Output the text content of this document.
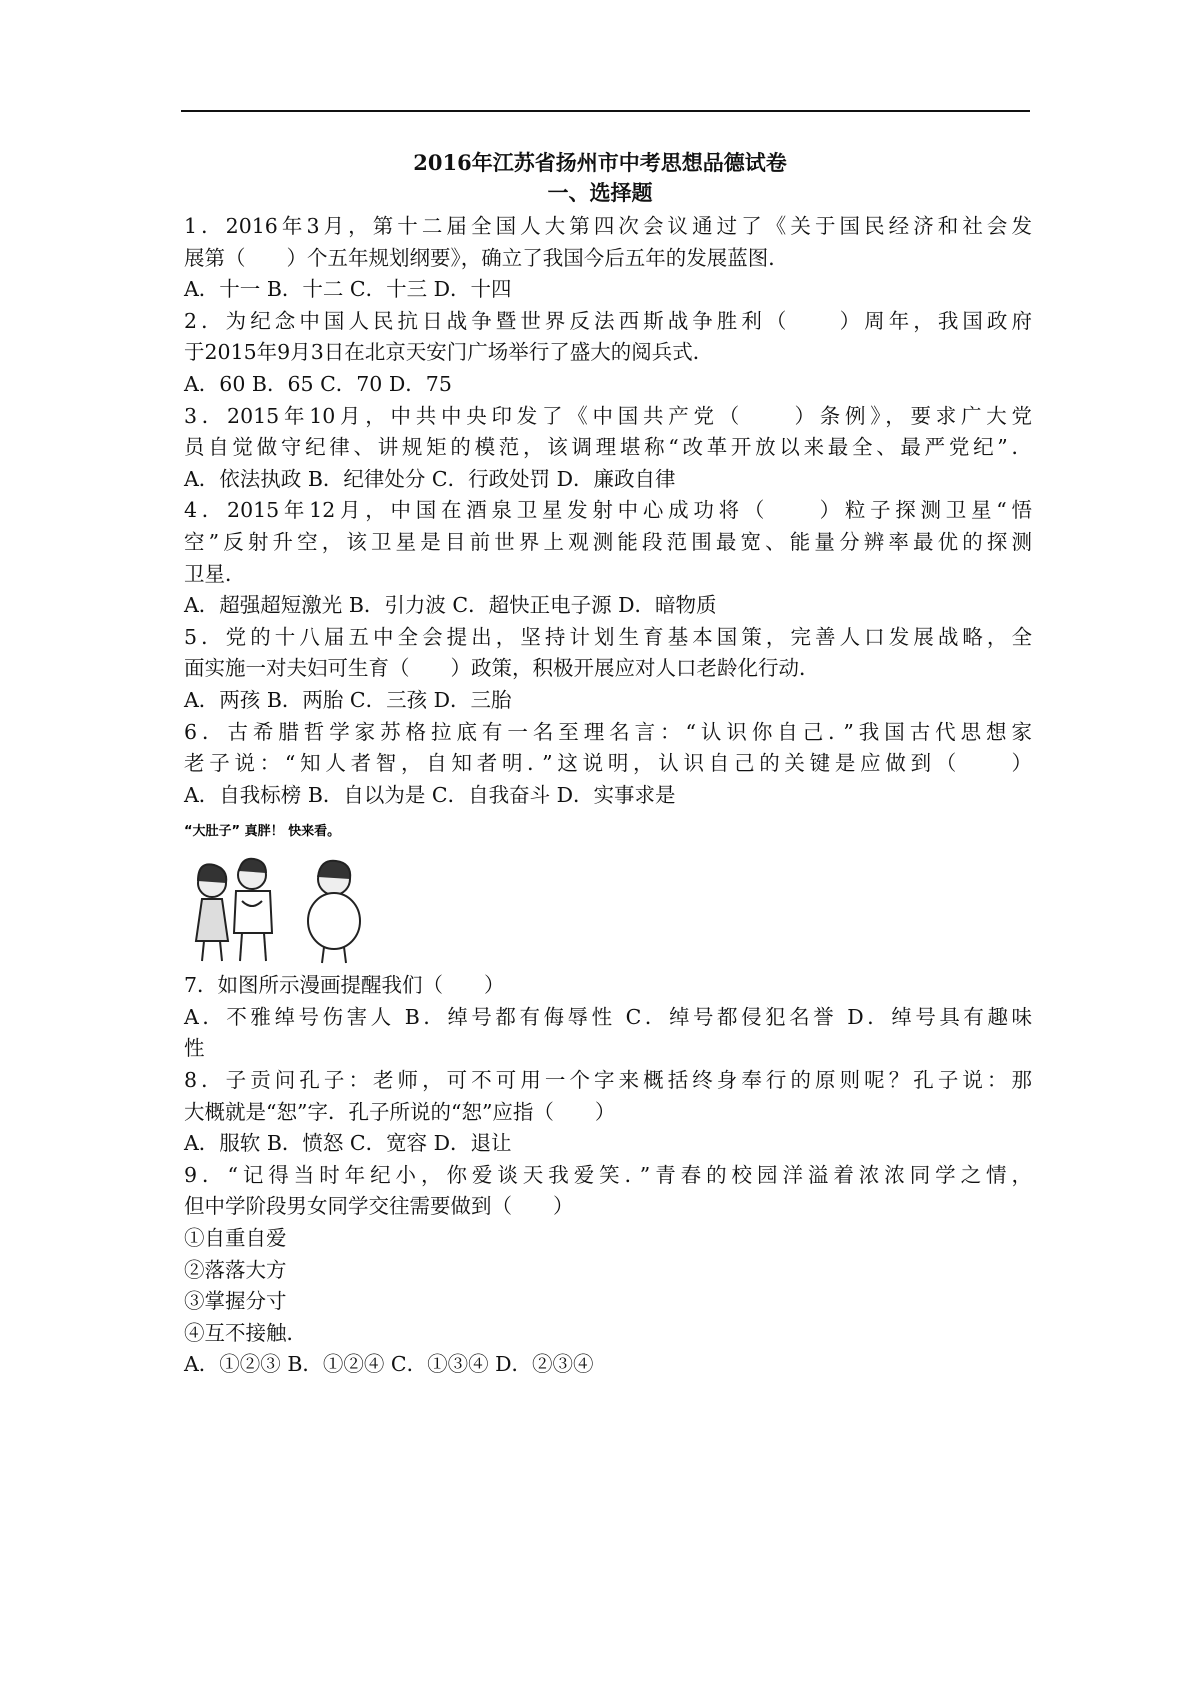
2016年江苏省扬州市中考思想品德试卷
一、选择题
1．2016年3月，第十二届全国人大第四次会议通过了《关于国民经济和社会发
展第（　　）个五年规划纲要》，确立了我国今后五年的发展蓝图．
A．十一 B．十二 C．十三 D．十四
2．为纪念中国人民抗日战争暨世界反法西斯战争胜利（　　）周年，我国政府
于2015年9月3日在北京天安门广场举行了盛大的阅兵式．
A．60 B．65 C．70 D．75
3．2015年10月，中共中央印发了《中国共产党（　　）条例》，要求广大党
员自觉做守纪律、讲规矩的模范，该调理堪称“改革开放以来最全、最严党纪”．
A．依法执政 B．纪律处分 C．行政处罚 D．廉政自律
4．2015年12月，中国在酒泉卫星发射中心成功将（　　）粒子探测卫星“悟
空”反射升空，该卫星是目前世界上观测能段范围最宽、能量分辨率最优的探测
卫星．
A．超强超短激光 B．引力波 C．超快正电子源 D．暗物质
5．党的十八届五中全会提出，坚持计划生育基本国策，完善人口发展战略，全
面实施一对夫妇可生育（　　）政策，积极开展应对人口老龄化行动．
A．两孩 B．两胎 C．三孩 D．三胎
6．古希腊哲学家苏格拉底有一名至理名言：“认识你自己．”我国古代思想家
老子说：“知人者智，自知者明．”这说明，认识自己的关键是应做到（　　）
A．自我标榜 B．自以为是 C．自我奋斗 D．实事求是
“大肚子” 真胖！ 快来看。
7．如图所示漫画提醒我们（　　）
A．不雅绰号伤害人 B．绰号都有侮辱性 C．绰号都侵犯名誉 D．绰号具有趣味
性
8．子贡问孔子：老师，可不可用一个字来概括终身奉行的原则呢？孔子说：那
大概就是“恕”字．孔子所说的“恕”应指（　　）
A．服软 B．愤怒 C．宽容 D．退让
9．“记得当时年纪小，你爱谈天我爱笑．”青春的校园洋溢着浓浓同学之情，
但中学阶段男女同学交往需要做到（　　）
①自重自爱
②落落大方
③掌握分寸
④互不接触．
A．①②③ B．①②④ C．①③④ D．②③④
